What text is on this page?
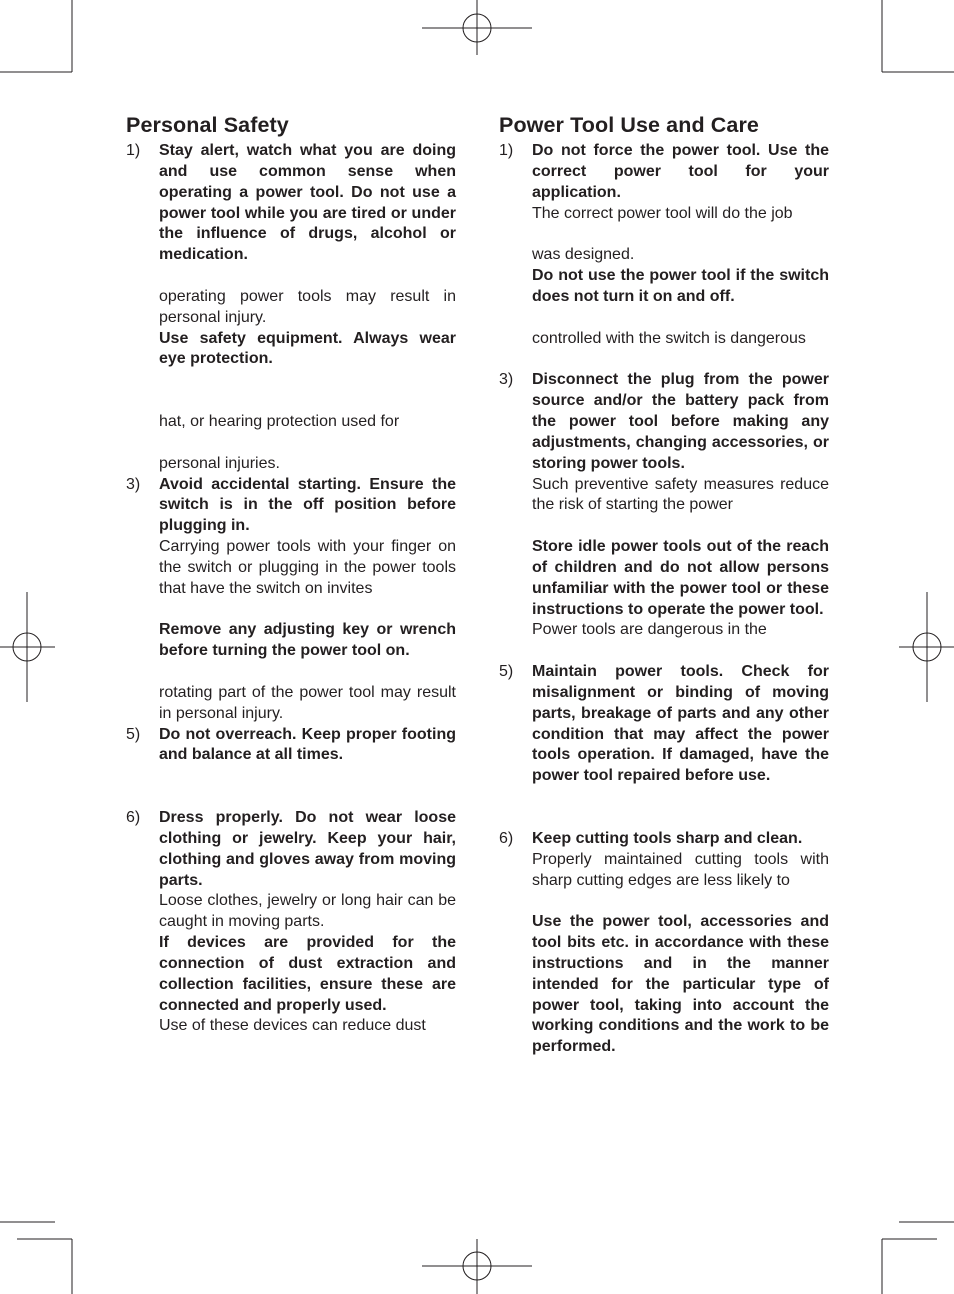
Personal Safety
1) Stay alert, watch what you are doing and use common sense when operating a power tool. Do not use a power tool while you are tired or under the influence of drugs, alcohol or medication.

operating power tools may result in personal injury.

Use safety equipment. Always wear eye protection.

hat, or hearing protection used for

personal injuries.

3) Avoid accidental starting. Ensure the switch is in the off position before plugging in.

Carrying power tools with your finger on the switch or plugging in the power tools that have the switch on invites

Remove any adjusting key or wrench before turning the power tool on.

rotating part of the power tool may result in personal injury.

5) Do not overreach. Keep proper footing and balance at all times.

6) Dress properly. Do not wear loose clothing or jewelry. Keep your hair, clothing and gloves away from moving parts.

Loose clothes, jewelry or long hair can be caught in moving parts.

If devices are provided for the connection of dust extraction and collection facilities, ensure these are connected and properly used.

Use of these devices can reduce dust

Power Tool Use and Care
1) Do not force the power tool. Use the correct power tool for your application.

The correct power tool will do the job

was designed.

Do not use the power tool if the switch does not turn it on and off.

controlled with the switch is dangerous

3) Disconnect the plug from the power source and/or the battery pack from the power tool before making any adjustments, changing accessories, or storing power tools.

Such preventive safety measures reduce the risk of starting the power

Store idle power tools out of the reach of children and do not allow persons unfamiliar with the power tool or these instructions to operate the power tool.

Power tools are dangerous in the

5) Maintain power tools. Check for misalignment or binding of moving parts, breakage of parts and any other condition that may affect the power tools operation. If damaged, have the power tool repaired before use.

6) Keep cutting tools sharp and clean.

Properly maintained cutting tools with sharp cutting edges are less likely to

Use the power tool, accessories and tool bits etc. in accordance with these instructions and in the manner intended for the particular type of power tool, taking into account the working conditions and the work to be performed.
